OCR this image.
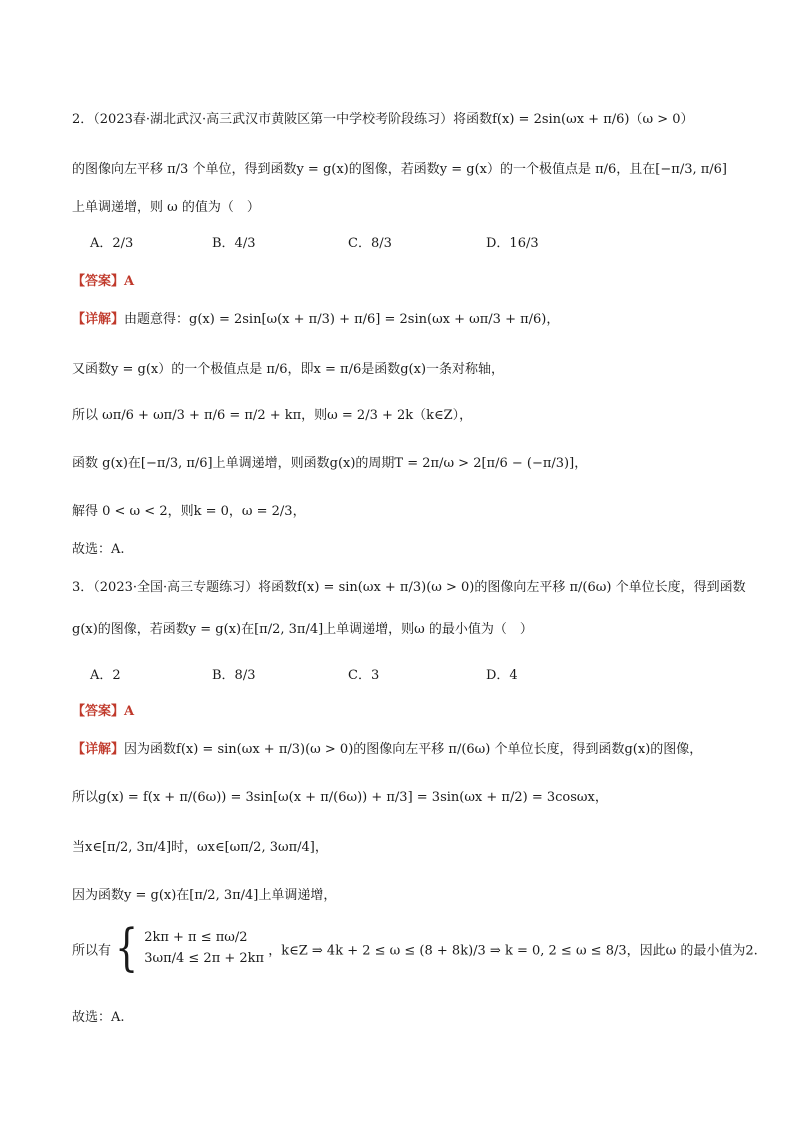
2．（2023春·湖北武汉·高三武汉市黄陂区第一中学校考阶段练习）将函数f(x) = 2sin(ωx + π/6)（ω > 0）
的图像向左平移 π/3 个单位，得到函数y = g(x)的图像，若函数y = g(x）的一个极值点是 π/6，且在[−π/3, π/6]
上单调递增，则 ω 的值为（　）
A．2/3	B．4/3	C．8/3	D．16/3
【答案】A
【详解】由题意得：g(x) = 2sin[ω(x + π/3) + π/6] = 2sin(ωx + ωπ/3 + π/6)，
又函数y = g(x）的一个极值点是 π/6，即x = π/6是函数g(x)一条对称轴，
所以 ωπ/6 + ωπ/3 + π/6 = π/2 + kπ，则ω = 2/3 + 2k（k∈Z），
函数 g(x)在[−π/3, π/6]上单调递增，则函数g(x)的周期T = 2π/ω > 2[π/6 − (−π/3)]，
解得 0 < ω < 2，则k = 0，ω = 2/3，
故选：A.
3．（2023·全国·高三专题练习）将函数f(x) = sin(ωx + π/3)(ω > 0)的图像向左平移 π/(6ω) 个单位长度，得到函数
g(x)的图像，若函数y = g(x)在[π/2, 3π/4]上单调递增，则ω 的最小值为（　）
A．2	B．8/3	C．3	D．4
【答案】A
【详解】因为函数f(x) = sin(ωx + π/3)(ω > 0)的图像向左平移 π/(6ω) 个单位长度，得到函数g(x)的图像，
所以g(x) = f(x + π/(6ω)) = 3sin[ω(x + π/(6ω)) + π/3] = 3sin(ωx + π/2) = 3cosωx，
当x∈[π/2, 3π/4]时，ωx∈[ωπ/2, 3ωπ/4]，
因为函数y = g(x)在[π/2, 3π/4]上单调递增，
所以有 { 2kπ + π ≤ πω/2
3ωπ/4 ≤ 2π + 2kπ ，k∈Z ⇒ 4k + 2 ≤ ω ≤ (8 + 8k)/3 ⇒ k = 0, 2 ≤ ω ≤ 8/3，因此ω 的最小值为2.
故选：A.
